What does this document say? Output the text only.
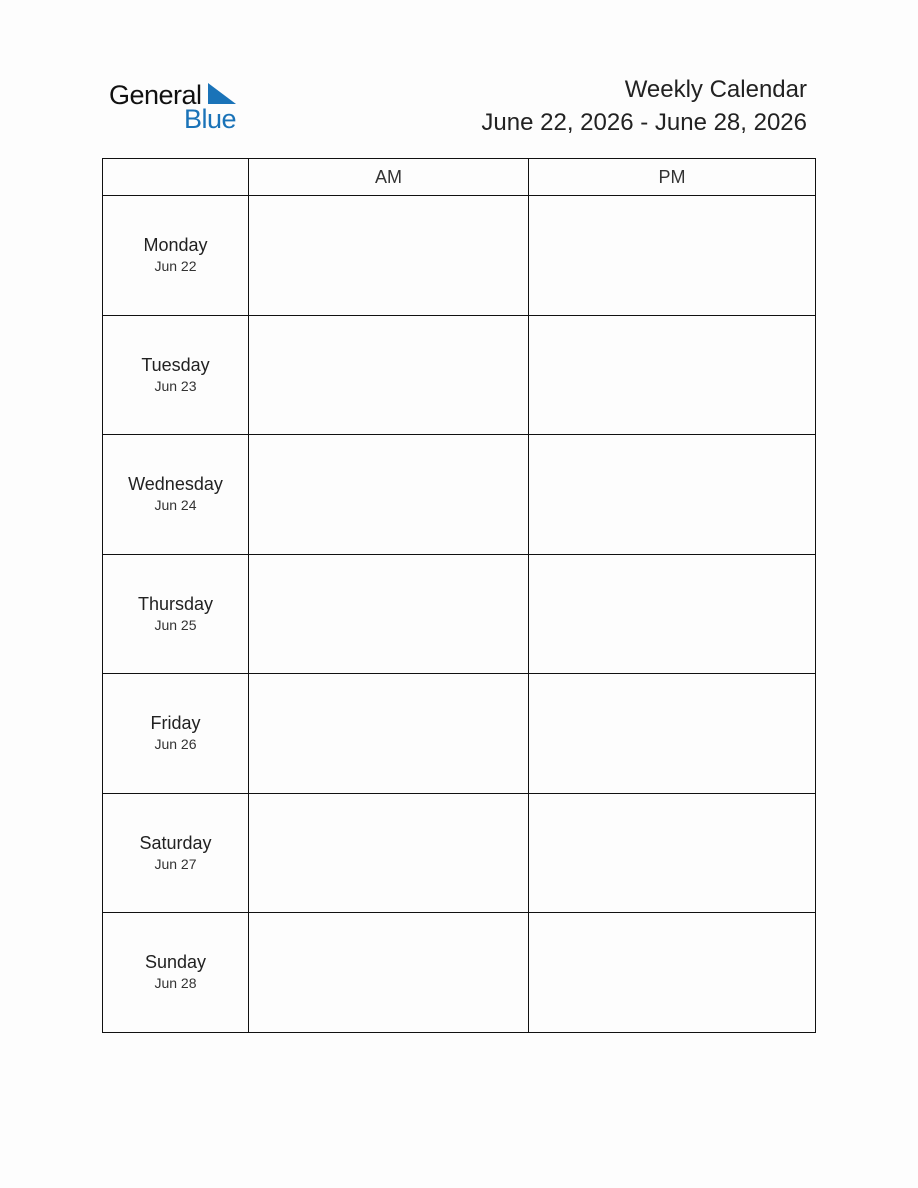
General
Blue
Weekly Calendar
June 22, 2026 - June 28, 2026
	AM	PM

Monday
Jun 22		

Tuesday
Jun 23		

Wednesday
Jun 24		

Thursday
Jun 25		

Friday
Jun 26		

Saturday
Jun 27		

Sunday
Jun 28		
